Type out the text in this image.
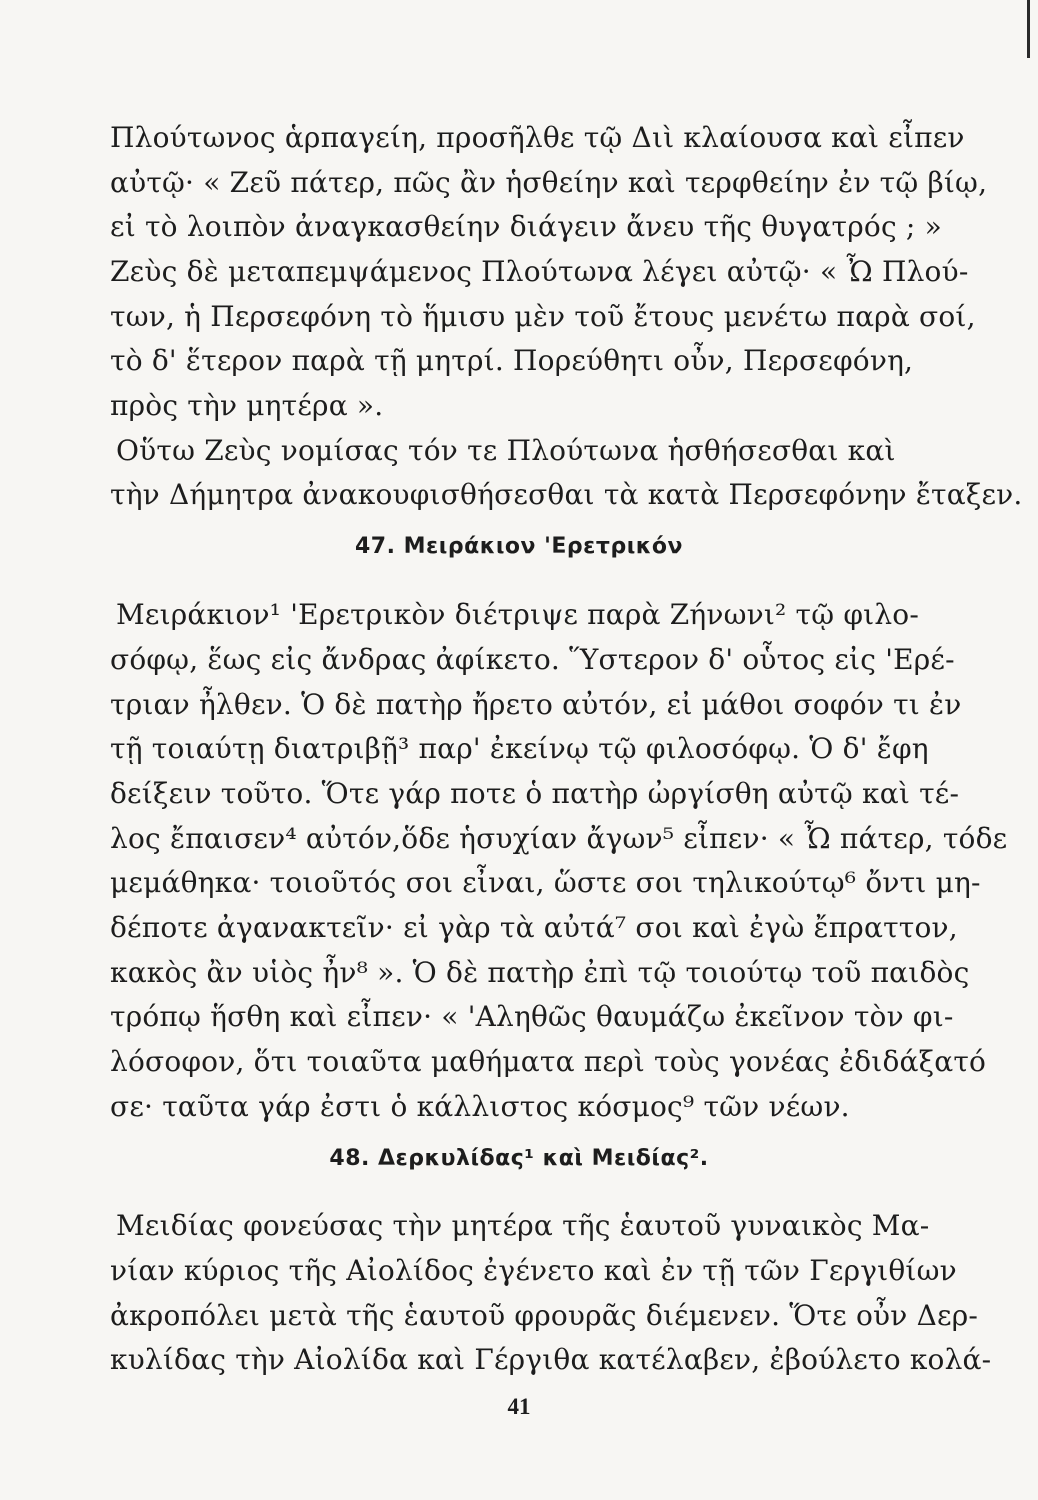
Πλούτωνος ἁρπαγείη, προσῆλθε τῷ Διὶ κλαίουσα καὶ εἶπεν
αὐτῷ· « Ζεῦ πάτερ, πῶς ἂν ἡσθείην καὶ τερφθείην ἐν τῷ βίῳ,
εἰ τὸ λοιπὸν ἀναγκασθείην διάγειν ἄνευ τῆς θυγατρός ; »
Ζεὺς δὲ μεταπεμψάμενος Πλούτωνα λέγει αὐτῷ· « Ὦ Πλού-
των, ἡ Περσεφόνη τὸ ἥμισυ μὲν τοῦ ἔτους μενέτω παρὰ σοί,
τὸ δ' ἕτερον παρὰ τῇ μητρί. Πορεύθητι οὖν, Περσεφόνη,
πρὸς τὴν μητέρα ».
Οὕτω Ζεὺς νομίσας τόν τε Πλούτωνα ἡσθήσεσθαι καὶ
τὴν Δήμητρα ἀνακουφισθήσεσθαι τὰ κατὰ Περσεφόνην ἔταξεν.
47. Μειράκιον 'Ερετρικόν
Μειράκιον¹ 'Ερετρικὸν διέτριψε παρὰ Ζήνωνι² τῷ φιλο-
σόφῳ, ἕως εἰς ἄνδρας ἀφίκετο. Ὕστερον δ' οὗτος εἰς 'Ερέ-
τριαν ἦλθεν. Ὁ δὲ πατὴρ ἤρετο αὐτόν, εἰ μάθοι σοφόν τι ἐν
τῇ τοιαύτῃ διατριβῇ³ παρ' ἐκείνῳ τῷ φιλοσόφῳ. Ὁ δ' ἔφη
δείξειν τοῦτο. Ὅτε γάρ ποτε ὁ πατὴρ ὠργίσθη αὐτῷ καὶ τέ-
λος ἔπαισεν⁴ αὐτόν,ὅδε ἡσυχίαν ἄγων⁵ εἶπεν· « Ὦ πάτερ, τόδε
μεμάθηκα· τοιοῦτός σοι εἶναι, ὥστε σοι τηλικούτῳ⁶ ὄντι μη-
δέποτε ἀγανακτεῖν· εἰ γὰρ τὰ αὐτά⁷ σοι καὶ ἐγὼ ἔπραττον,
κακὸς ἂν υἱὸς ἦν⁸ ». Ὁ δὲ πατὴρ ἐπὶ τῷ τοιούτῳ τοῦ παιδὸς
τρόπῳ ἥσθη καὶ εἶπεν· « 'Αληθῶς θαυμάζω ἐκεῖνον τὸν φι-
λόσοφον, ὅτι τοιαῦτα μαθήματα περὶ τοὺς γονέας ἐδιδάξατό
σε· ταῦτα γάρ ἐστι ὁ κάλλιστος κόσμος⁹ τῶν νέων.
48. Δερκυλίδας¹ καὶ Μειδίας².
Μειδίας φονεύσας τὴν μητέρα τῆς ἑαυτοῦ γυναικὸς Μα-
νίαν κύριος τῆς Αἰολίδος ἐγένετο καὶ ἐν τῇ τῶν Γεργιθίων
ἀκροπόλει μετὰ τῆς ἑαυτοῦ φρουρᾶς διέμενεν. Ὅτε οὖν Δερ-
κυλίδας τὴν Αἰολίδα καὶ Γέργιθα κατέλαβεν, ἐβούλετο κολά-
41
